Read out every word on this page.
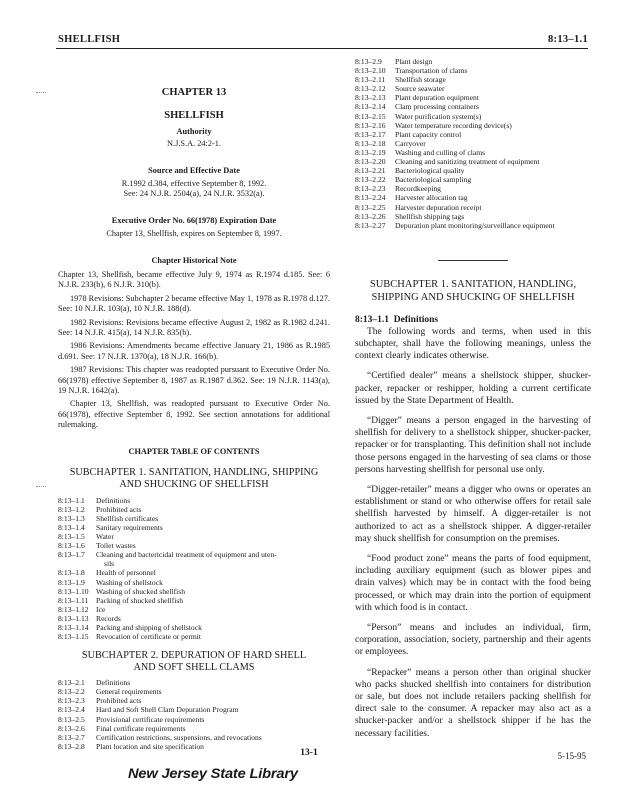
SHELLFISH	8:13–1.1
CHAPTER 13
SHELLFISH
Authority
N.J.S.A. 24:2-1.
Source and Effective Date
R.1992 d.384, effective September 8, 1992.
See: 24 N.J.R. 2504(a), 24 N.J.R. 3532(a).
Executive Order No. 66(1978) Expiration Date
Chapter 13, Shellfish, expires on September 8, 1997.
Chapter Historical Note

Chapter 13, Shellfish, became effective July 9, 1974 as R.1974 d.185. See: 6 N.J.R. 233(b), 6 N.J.R. 310(b).

1978 Revisions: Subchapter 2 became effective May 1, 1978 as R.1978 d.127. See: 10 N.J.R. 103(a), 10 N.J.R. 188(d).

1982 Revisions: Revisions became effective August 2, 1982 as R.1982 d.241. See: 14 N.J.R. 415(a), 14 N.J.R. 835(b).

1986 Revisions: Amendments became effective January 21, 1986 as R.1985 d.691. See: 17 N.J.R. 1370(a), 18 N.J.R. 166(b).

1987 Revisions: This chapter was readopted pursuant to Executive Order No. 66(1978) effective September 8, 1987 as R.1987 d.362. See: 19 N.J.R. 1143(a), 19 N.J.R. 1642(a).

Chapter 13, Shellfish, was readopted pursuant to Executive Order No. 66(1978), effective September 8, 1992. See section annotations for additional rulemaking.

CHAPTER TABLE OF CONTENTS
SUBCHAPTER 1. SANITATION, HANDLING, SHIPPING
AND SHUCKING OF SHELLFISH
8:13–1.1 Definitions
8:13–1.2 Prohibited acts
8:13–1.3 Shellfish certificates
8:13–1.4 Sanitary requirements
8:13–1.5 Water
8:13–1.6 Toilet wastes
8:13–1.7 Cleaning and bactericidal treatment of equipment and uten-
sils
8:13–1.8 Health of personnel
8:13–1.9 Washing of shellstock
8:13–1.10 Washing of shucked shellfish
8:13–1.11 Packing of shucked shellfish
8:13–1.12 Ice
8:13–1.13 Records
8:13–1.14 Packing and shipping of shellstock
8:13–1.15 Revocation of certificate or permit
SUBCHAPTER 2. DEPURATION OF HARD SHELL
AND SOFT SHELL CLAMS
8:13–2.1 Definitions
8:13–2.2 General requirements
8:13–2.3 Prohibited acts
8:13–2.4 Hard and Soft Shell Clam Depuration Program
8:13–2.5 Provisional certificate requirements
8:13–2.6 Final certificate requirements
8:13–2.7 Certification restrictions, suspensions, and revocations
8:13–2.8 Plant location and site specification
8:13–2.9 Plant design
8:13–2.10 Transportation of clams
8:13–2.11 Shellfish storage
8:13–2.12 Source seawater
8:13–2.13 Plant depuration equipment
8:13–2.14 Clam processing containers
8:13–2.15 Water purification system(s)
8:13–2.16 Water temperature recording device(s)
8:13–2.17 Plant capacity control
8:13–2.18 Carryover
8:13–2.19 Washing and culling of clams
8:13–2.20 Cleaning and sanitizing treatment of equipment
8:13–2.21 Bacteriological quality
8:13–2.22 Bacteriological sampling
8:13–2.23 Recordkeeping
8:13–2.24 Harvester allocation tag
8:13–2.25 Harvester depuration receipt
8:13–2.26 Shellfish shipping tags
8:13–2.27 Depuration plant monitoring/surveillance equipment
SUBCHAPTER 1. SANITATION, HANDLING,
SHIPPING AND SHUCKING OF SHELLFISH
8:13–1.1 Definitions

The following words and terms, when used in this subchapter, shall have the following meanings, unless the context clearly indicates otherwise.

“Certified dealer” means a shellstock shipper, shucker-packer, repacker or reshipper, holding a current certificate issued by the State Department of Health.

“Digger” means a person engaged in the harvesting of shellfish for delivery to a shellstock shipper, shucker-packer, repacker or for transplanting. This definition shall not include those persons engaged in the harvesting of sea clams or those persons harvesting shellfish for personal use only.

“Digger-retailer” means a digger who owns or operates an establishment or stand or who otherwise offers for retail sale shellfish harvested by himself. A digger-retailer is not authorized to act as a shellstock shipper. A digger-retailer may shuck shellfish for consumption on the premises.

“Food product zone” means the parts of food equipment, including auxiliary equipment (such as blower pipes and drain valves) which may be in contact with the food being processed, or which may drain into the portion of equipment with which food is in contact.

“Person” means and includes an individual, firm, corporation, association, society, partnership and their agents or employees.

“Repacker” means a person other than original shucker who packs shucked shellfish into containers for distribution or sale, but does not include retailers packing shellfish for direct sale to the consumer. A repacker may also act as a shucker-packer and/or a shellstock shipper if he has the necessary facilities.

13-1	5-15-95
New Jersey State Library
